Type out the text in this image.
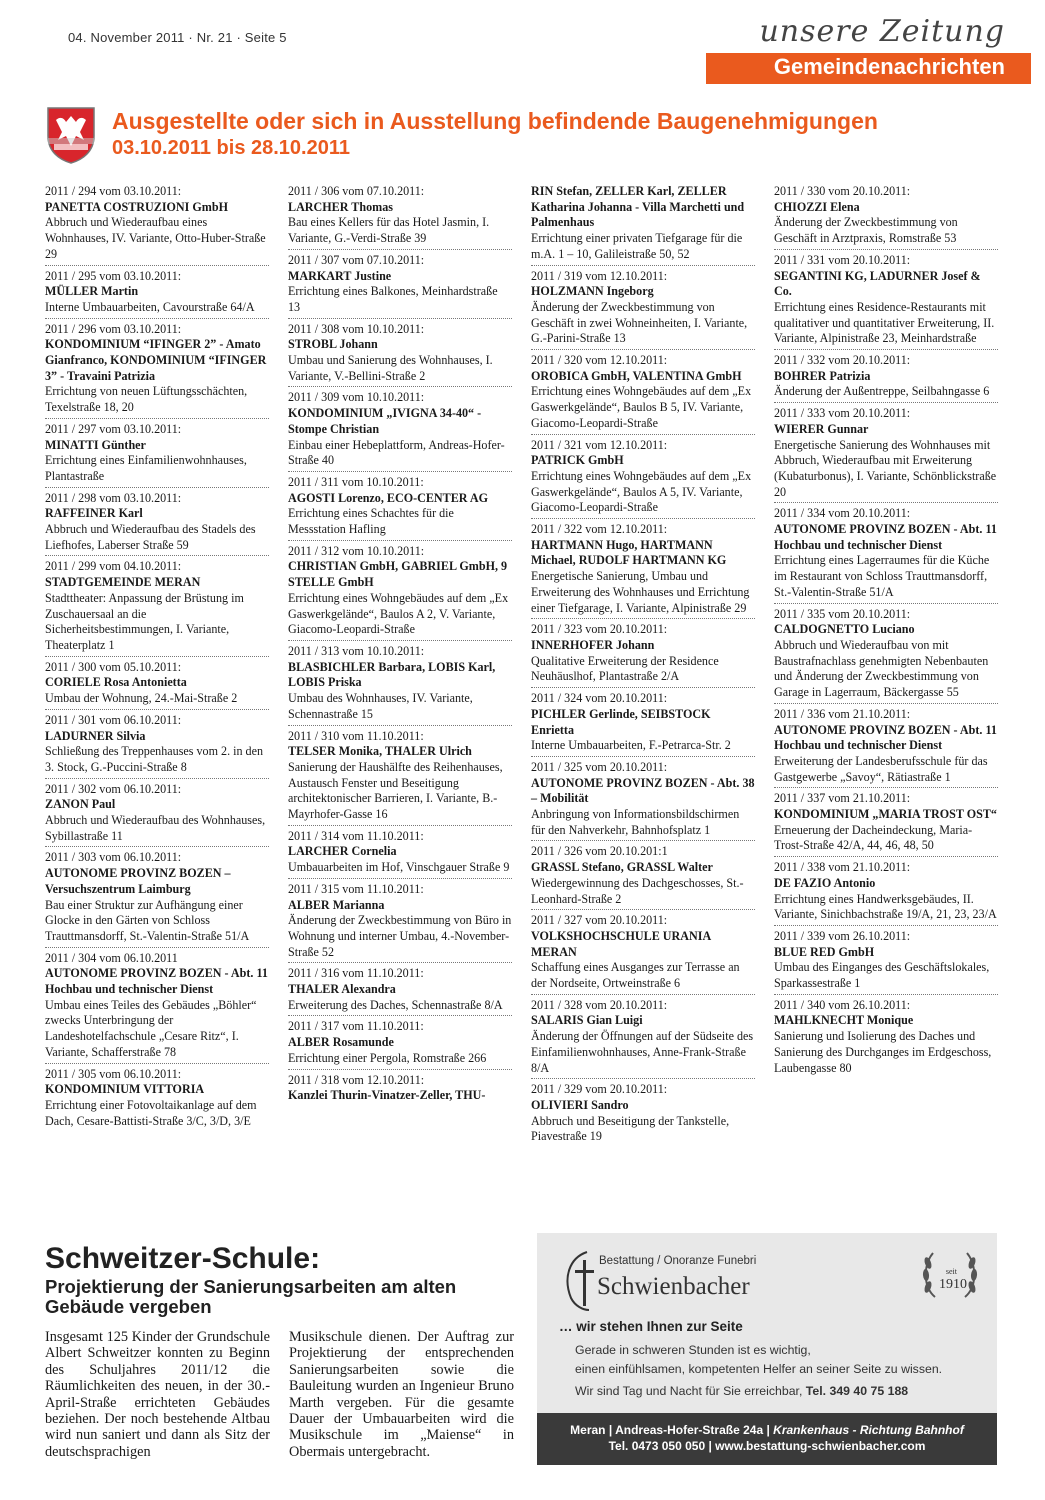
04. November 2011 · Nr. 21 · Seite 5	unsere Zeitung
Gemeindenachrichten
Ausgestellte oder sich in Ausstellung befindende Baugenehmigungen
03.10.2011 bis 28.10.2011
2011 / 294 vom 03.10.2011:
PANETTA COSTRUZIONI GmbH
Abbruch und Wiederaufbau eines Wohnhauses, IV. Variante, Otto-Huber-Straße 29
2011 / 295 vom 03.10.2011:
MÜLLER Martin
Interne Umbauarbeiten, Cavourstraße 64/A
2011 / 296 vom 03.10.2011:
KONDOMINIUM “IFINGER 2” - Amato Gianfranco, KONDOMINIUM “IFINGER 3” - Travaini Patrizia
Errichtung von neuen Lüftungsschächten, Texelstraße 18, 20
2011 / 297 vom 03.10.2011:
MINATTI Günther
Errichtung eines Einfamilienwohnhauses, Plantastraße
2011 / 298 vom 03.10.2011:
RAFFEINER Karl
Abbruch und Wiederaufbau des Stadels des Liefhofes, Laberser Straße 59
2011 / 299 vom 04.10.2011:
STADTGEMEINDE MERAN
Stadttheater: Anpassung der Brüstung im Zuschauersaal an die Sicherheitsbestimmungen, I. Variante, Theaterplatz 1
2011 / 300 vom 05.10.2011:
CORIELE Rosa Antonietta
Umbau der Wohnung, 24.-Mai-Straße 2
2011 / 301 vom 06.10.2011:
LADURNER Silvia
Schließung des Treppenhauses vom 2. in den 3. Stock, G.-Puccini-Straße 8
2011 / 302 vom 06.10.2011:
ZANON Paul
Abbruch und Wiederaufbau des Wohnhauses, Sybillastraße 11
2011 / 303 vom 06.10.2011:
AUTONOME PROVINZ BOZEN – Versuchszentrum Laimburg
Bau einer Struktur zur Aufhängung einer Glocke in den Gärten von Schloss Trauttmansdorff, St.-Valentin-Straße 51/A
2011 / 304 vom 06.10.2011
AUTONOME PROVINZ BOZEN - Abt. 11 Hochbau und technischer Dienst
Umbau eines Teiles des Gebäudes „Böhler“ zwecks Unterbringung der Landeshotelfachschule „Cesare Ritz“, I. Variante, Schafferstraße 78
2011 / 305 vom 06.10.2011:
KONDOMINIUM VITTORIA
Errichtung einer Fotovoltaikanlage auf dem Dach, Cesare-Battisti-Straße 3/C, 3/D, 3/E
2011 / 306 vom 07.10.2011:
LARCHER Thomas
Bau eines Kellers für das Hotel Jasmin, I. Variante, G.-Verdi-Straße 39
2011 / 307 vom 07.10.2011:
MARKART Justine
Errichtung eines Balkones, Meinhardstraße 13
2011 / 308 vom 10.10.2011:
STROBL Johann
Umbau und Sanierung des Wohnhauses, I. Variante, V.-Bellini-Straße 2
2011 / 309 vom 10.10.2011:
KONDOMINIUM „IVIGNA 34-40“ - Stompe Christian
Einbau einer Hebeplattform, Andreas-Hofer-Straße 40
2011 / 311 vom 10.10.2011:
AGOSTI Lorenzo, ECO-CENTER AG
Errichtung eines Schachtes für die Messstation Hafling
2011 / 312 vom 10.10.2011:
CHRISTIAN GmbH, GABRIEL GmbH, 9 STELLE GmbH
Errichtung eines Wohngebäudes auf dem „Ex Gaswerkgelände“, Baulos A 2, V. Variante, Giacomo-Leopardi-Straße
2011 / 313 vom 10.10.2011:
BLASBICHLER Barbara, LOBIS Karl, LOBIS Priska
Umbau des Wohnhauses, IV. Variante, Schennastraße 15
2011 / 310 vom 11.10.2011:
TELSER Monika, THALER Ulrich
Sanierung der Haushälfte des Reihenhauses, Austausch Fenster und Beseitigung architektonischer Barrieren, I. Variante, B.-Mayrhofer-Gasse 16
2011 / 314 vom 11.10.2011:
LARCHER Cornelia
Umbauarbeiten im Hof, Vinschgauer Straße 9
2011 / 315 vom 11.10.2011:
ALBER Marianna
Änderung der Zweckbestimmung von Büro in Wohnung und interner Umbau, 4.-November-Straße 52
2011 / 316 vom 11.10.2011:
THALER Alexandra
Erweiterung des Daches, Schennastraße 8/A
2011 / 317 vom 11.10.2011:
ALBER Rosamunde
Errichtung einer Pergola, Romstraße 266
2011 / 318 vom 12.10.2011:
Kanzlei Thurin-Vinatzer-Zeller, THU-
RIN Stefan, ZELLER Karl, ZELLER Katharina Johanna - Villa Marchetti und Palmenhaus
Errichtung einer privaten Tiefgarage für die m.A. 1 – 10, Galileistraße 50, 52
2011 / 319 vom 12.10.2011:
HOLZMANN Ingeborg
Änderung der Zweckbestimmung von Geschäft in zwei Wohneinheiten, I. Variante, G.-Parini-Straße 13
2011 / 320 vom 12.10.2011:
OROBICA GmbH, VALENTINA GmbH
Errichtung eines Wohngebäudes auf dem „Ex Gaswerkgelände“, Baulos B 5, IV. Variante, Giacomo-Leopardi-Straße
2011 / 321 vom 12.10.2011:
PATRICK GmbH
Errichtung eines Wohngebäudes auf dem „Ex Gaswerkgelände“, Baulos A 5, IV. Variante, Giacomo-Leopardi-Straße
2011 / 322 vom 12.10.2011:
HARTMANN Hugo, HARTMANN Michael, RUDOLF HARTMANN KG
Energetische Sanierung, Umbau und Erweiterung des Wohnhauses und Errichtung einer Tiefgarage, I. Variante, Alpinistraße 29
2011 / 323 vom 20.10.2011:
INNERHOFER Johann
Qualitative Erweiterung der Residence Neuhäuslhof, Plantastraße 2/A
2011 / 324 vom 20.10.2011:
PICHLER Gerlinde, SEIBSTOCK Enrietta
Interne Umbauarbeiten, F.-Petrarca-Str. 2
2011 / 325 vom 20.10.2011:
AUTONOME PROVINZ BOZEN - Abt. 38 – Mobilität
Anbringung von Informationsbildschirmen für den Nahverkehr, Bahnhofsplatz 1
2011 / 326 vom 20.10.201:1
GRASSL Stefano, GRASSL Walter
Wiedergewinnung des Dachgeschosses, St.-Leonhard-Straße 2
2011 / 327 vom 20.10.2011:
VOLKSHOCHSCHULE URANIA MERAN
Schaffung eines Ausganges zur Terrasse an der Nordseite, Ortweinstraße 6
2011 / 328 vom 20.10.2011:
SALARIS Gian Luigi
Änderung der Öffnungen auf der Südseite des Einfamilienwohnhauses, Anne-Frank-Straße 8/A
2011 / 329 vom 20.10.2011:
OLIVIERI Sandro
Abbruch und Beseitigung der Tankstelle, Piavestraße 19
2011 / 330 vom 20.10.2011:
CHIOZZI Elena
Änderung der Zweckbestimmung von Geschäft in Arztpraxis, Romstraße 53
2011 / 331 vom 20.10.2011:
SEGANTINI KG, LADURNER Josef & Co.
Errichtung eines Residence-Restaurants mit qualitativer und quantitativer Erweiterung, II. Variante, Alpinistraße 23, Meinhardstraße
2011 / 332 vom 20.10.2011:
BOHRER Patrizia
Änderung der Außentreppe, Seilbahngasse 6
2011 / 333 vom 20.10.2011:
WIERER Gunnar
Energetische Sanierung des Wohnhauses mit Abbruch, Wiederaufbau mit Erweiterung (Kubaturbonus), I. Variante, Schönblickstraße 20
2011 / 334 vom 20.10.2011:
AUTONOME PROVINZ BOZEN - Abt. 11 Hochbau und technischer Dienst
Errichtung eines Lagerraumes für die Küche im Restaurant von Schloss Trauttmansdorff, St.-Valentin-Straße 51/A
2011 / 335 vom 20.10.2011:
CALDOGNETTO Luciano
Abbruch und Wiederaufbau von mit Baustrafnachlass genehmigten Nebenbauten und Änderung der Zweckbestimmung von Garage in Lagerraum, Bäckergasse 55
2011 / 336 vom 21.10.2011:
AUTONOME PROVINZ BOZEN - Abt. 11 Hochbau und technischer Dienst
Erweiterung der Landesberufsschule für das Gastgewerbe „Savoy“, Rätiastraße 1
2011 / 337 vom 21.10.2011:
KONDOMINIUM „MARIA TROST OST“
Erneuerung der Dacheindeckung, Maria-Trost-Straße 42/A, 44, 46, 48, 50
2011 / 338 vom 21.10.2011:
DE FAZIO Antonio
Errichtung eines Handwerksgebäudes, II. Variante, Sinichbachstraße 19/A, 21, 23, 23/A
2011 / 339 vom 26.10.2011:
BLUE RED GmbH
Umbau des Einganges des Geschäftslokales, Sparkassestraße 1
2011 / 340 vom 26.10.2011:
MAHLKNECHT Monique
Sanierung und Isolierung des Daches und Sanierung des Durchganges im Erdgeschoss, Laubengasse 80
Schweitzer-Schule:
Projektierung der Sanierungsarbeiten am alten Gebäude vergeben
Insgesamt 125 Kinder der Grundschule Albert Schweitzer konnten zu Beginn des Schuljahres 2011/12 die Räumlichkeiten des neuen, in der 30.-April-Straße errichteten Gebäudes beziehen. Der noch bestehende Altbau wird nun saniert und dann als Sitz der deutschsprachigen
Musikschule dienen. Der Auftrag zur Projektierung der entsprechenden Sanierungsarbeiten sowie die Bauleitung wurden an Ingenieur Bruno Marth vergeben. Für die gesamte Dauer der Umbauarbeiten wird die Musikschule im „Maiense“ in Obermais untergebracht.
Bestattung / Onoranze Funebri
Schwienbacher
seit
1910
… wir stehen Ihnen zur Seite
Gerade in schweren Stunden ist es wichtig,
einen einfühlsamen, kompetenten Helfer an seiner Seite zu wissen.
Wir sind Tag und Nacht für Sie erreichbar, Tel. 349 40 75 188
Meran | Andreas-Hofer-Straße 24a | Krankenhaus - Richtung Bahnhof
Tel. 0473 050 050 | www.bestattung-schwienbacher.com
